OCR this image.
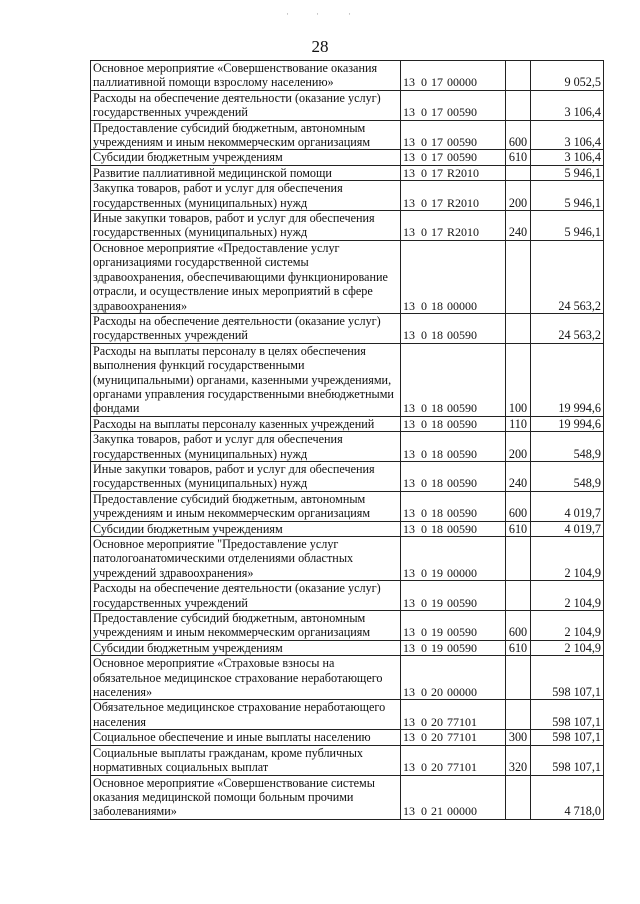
28
·	·	·
Основное мероприятие «Совершенствование оказания паллиативной помощи взрослому населению»	13 0 17 00000		9 052,5
Расходы на обеспечение деятельности (оказание услуг) государственных учреждений	13 0 17 00590		3 106,4
Предоставление субсидий бюджетным, автономным учреждениям и иным некоммерческим организациям	13 0 17 00590	600	3 106,4
Субсидии бюджетным учреждениям	13 0 17 00590	610	3 106,4
Развитие паллиативной медицинской помощи	13 0 17 R2010		5 946,1
Закупка товаров, работ и услуг для обеспечения государственных (муниципальных) нужд	13 0 17 R2010	200	5 946,1
Иные закупки товаров, работ и услуг для обеспечения государственных (муниципальных) нужд	13 0 17 R2010	240	5 946,1
Основное мероприятие «Предоставление услуг организациями государственной системы здравоохранения, обеспечивающими функционирование отрасли, и осуществление иных мероприятий в сфере здравоохранения»	13 0 18 00000		24 563,2
Расходы на обеспечение деятельности (оказание услуг) государственных учреждений	13 0 18 00590		24 563,2
Расходы на выплаты персоналу в целях обеспечения выполнения функций государственными (муниципальными) органами, казенными учреждениями, органами управления государственными внебюджетными фондами	13 0 18 00590	100	19 994,6
Расходы на выплаты персоналу казенных учреждений	13 0 18 00590	110	19 994,6
Закупка товаров, работ и услуг для обеспечения государственных (муниципальных) нужд	13 0 18 00590	200	548,9
Иные закупки товаров, работ и услуг для обеспечения государственных (муниципальных) нужд	13 0 18 00590	240	548,9
Предоставление субсидий бюджетным, автономным учреждениям и иным некоммерческим организациям	13 0 18 00590	600	4 019,7
Субсидии бюджетным учреждениям	13 0 18 00590	610	4 019,7
Основное мероприятие "Предоставление услуг патологоанатомическими отделениями областных учреждений здравоохранения»	13 0 19 00000		2 104,9
Расходы на обеспечение деятельности (оказание услуг) государственных учреждений	13 0 19 00590		2 104,9
Предоставление субсидий бюджетным, автономным учреждениям и иным некоммерческим организациям	13 0 19 00590	600	2 104,9
Субсидии бюджетным учреждениям	13 0 19 00590	610	2 104,9
Основное мероприятие «Страховые взносы на обязательное медицинское страхование неработающего населения»	13 0 20 00000		598 107,1
Обязательное медицинское страхование неработающего населения	13 0 20 77101		598 107,1
Социальное обеспечение и иные выплаты населению	13 0 20 77101	300	598 107,1
Социальные выплаты гражданам, кроме публичных нормативных социальных выплат	13 0 20 77101	320	598 107,1
Основное мероприятие «Совершенствование системы оказания медицинской помощи больным прочими заболеваниями»	13 0 21 00000		4 718,0
